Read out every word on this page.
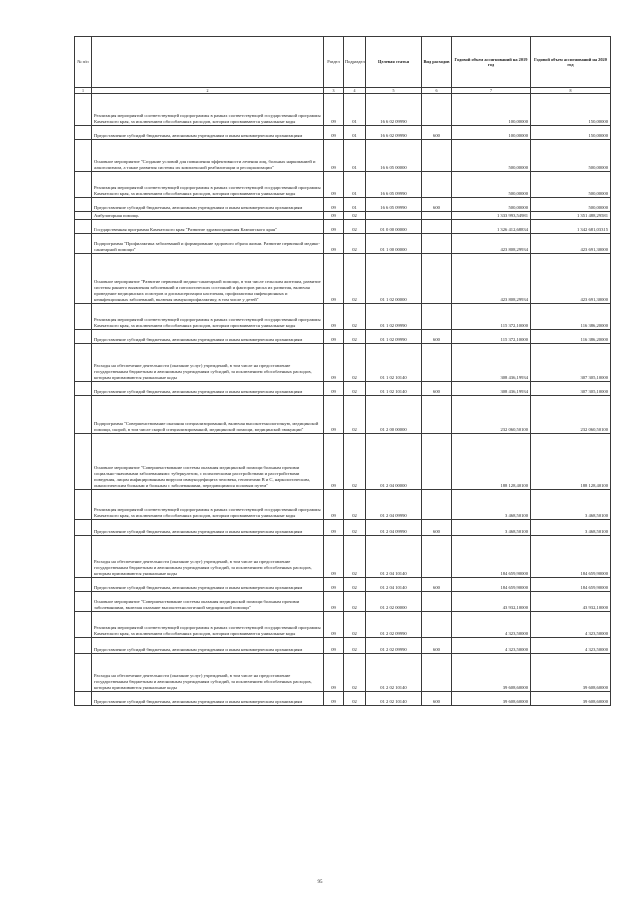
№ п/п		Раздел	Подраздел	Целевая статья	Вид расходов	Годовой объем ассигнований на 2019 год	Годовой объем ассигнований на 2020 год
1	2	3	4	5	6	7	8
	Реализация мероприятий соответствующей подпрограммы в рамках соответствующей государственной программы Камчатского края, за исключением обособленных расходов, которым присваиваются уникальные коды	09	01	16 6 02 09990		100,00000	150,00000
	Предоставление субсидий бюджетным, автономным учреждениям и иным некоммерческим организациям	09	01	16 6 02 09990	600	100,00000	150,00000
	Основное мероприятие "Создание условий для повышения эффективности лечения лиц, больных наркоманией и алкоголизмом, а также развития системы их комплексной реабилитации и ресоциализации"	09	01	16 6 05 00000		500,00000	500,00000
	Реализация мероприятий соответствующей подпрограммы в рамках соответствующей государственной программы Камчатского края, за исключением обособленных расходов, которым присваиваются уникальные коды	09	01	16 6 05 09990		500,00000	500,00000
	Предоставление субсидий бюджетным, автономным учреждениям и иным некоммерческим организациям	09	01	16 6 05 09990	600	500,00000	500,00000
	Амбулаторная помощь	09	02			1 333 993,54981	1 351 488,29581
	Государственная программа Камчатского края "Развитие здравоохранения Камчатского края"	09	02	01 0 00 00000		1 326 412,68834	1 342 681,03315
	Подпрограмма "Профилактика заболеваний и формирование здорового образа жизни. Развитие первичной медико-санитарной помощи"	09	02	01 1 00 00000		423 808,29934	423 691,30000
	Основное мероприятие "Развитие первичной медико-санитарной помощи, в том числе сельским жителям, развитие системы раннего выявления заболеваний и патологических состояний и факторов риска их развития, включая проведение медицинских осмотров и диспансеризации населения, профилактика инфекционных и неинфекционных заболеваний, включая иммунопрофилактику, в том числе у детей"	09	02	01 1 02 00000		423 808,29934	423 691,30000
	Реализация мероприятий соответствующей подпрограммы в рамках соответствующей государственной программы Камчатского края, за исключением обособленных расходов, которым присваиваются уникальные коды	09	02	01 1 02 09990		115 372,10000	116 386,20000
	Предоставление субсидий бюджетным, автономным учреждениям и иным некоммерческим организациям	09	02	01 1 02 09990	600	115 372,10000	116 386,20000
	Расходы на обеспечение деятельности (оказание услуг) учреждений, в том числе на предоставление государственным бюджетным и автономным учреждениям субсидий, за исключением обособленных расходов, которым присваиваются уникальные коды	09	02	01 1 02 10140		308 436,19934	307 305,10000
	Предоставление субсидий бюджетным, автономным учреждениям и иным некоммерческим организациям	09	02	01 1 02 10140	600	308 436,19934	307 305,10000
	Подпрограмма "Совершенствование оказания специализированной, включая высокотехнологичную, медицинской помощи, скорой, в том числе скорой специализированной, медицинской помощи, медицинской эвакуации"	09	02	01 2 00 00000		232 060,50100	232 060,50100
	Основное мероприятие "Совершенствование системы оказания медицинской помощи больным прочими социально-значимыми заболеваниями: туберкулезом, с психическими расстройствами и расстройствами поведения, лицам инфицированным вирусом иммунодефицита человека, гепатитами B и C, наркологическим, онкологическим больным и больным с заболеваниями, передающимися половым путем"	09	02	01 2 04 00000		188 128,40100	188 128,40100
	Реализация мероприятий соответствующей подпрограммы в рамках соответствующей государственной программы Камчатского края, за исключением обособленных расходов, которым присваиваются уникальные коды	09	02	01 2 04 09990		3 468,50100	3 468,50100
	Предоставление субсидий бюджетным, автономным учреждениям и иным некоммерческим организациям	09	02	01 2 04 09990	600	3 468,50100	3 468,50100
	Расходы на обеспечение деятельности (оказание услуг) учреждений, в том числе на предоставление государственным бюджетным и автономным учреждениям субсидий, за исключением обособленных расходов, которым присваиваются уникальные коды	09	02	01 2 04 10140		184 659,90000	184 659,90000
	Предоставление субсидий бюджетным, автономным учреждениям и иным некоммерческим организациям	09	02	01 2 04 10140	600	184 659,90000	184 659,90000
	Основное мероприятие "Совершенствование системы оказания медицинской помощи больным прочими заболеваниями, включая оказание высокотехнологичной медицинской помощи"	09	02	01 2 02 00000		43 932,10000	43 932,10000
	Реализация мероприятий соответствующей подпрограммы в рамках соответствующей государственной программы Камчатского края, за исключением обособленных расходов, которым присваиваются уникальные коды	09	02	01 2 02 09990		4 323,50000	4 323,50000
	Предоставление субсидий бюджетным, автономным учреждениям и иным некоммерческим организациям	09	02	01 2 02 09990	600	4 323,50000	4 323,50000
	Расходы на обеспечение деятельности (оказание услуг) учреждений, в том числе на предоставление государственным бюджетным и автономным учреждениям субсидий, за исключением обособленных расходов, которым присваиваются уникальные коды	09	02	01 2 02 10140		39 608,60000	39 608,60000
	Предоставление субсидий бюджетным, автономным учреждениям и иным некоммерческим организациям	09	02	01 2 02 10140	600	39 608,60000	39 608,60000
95
